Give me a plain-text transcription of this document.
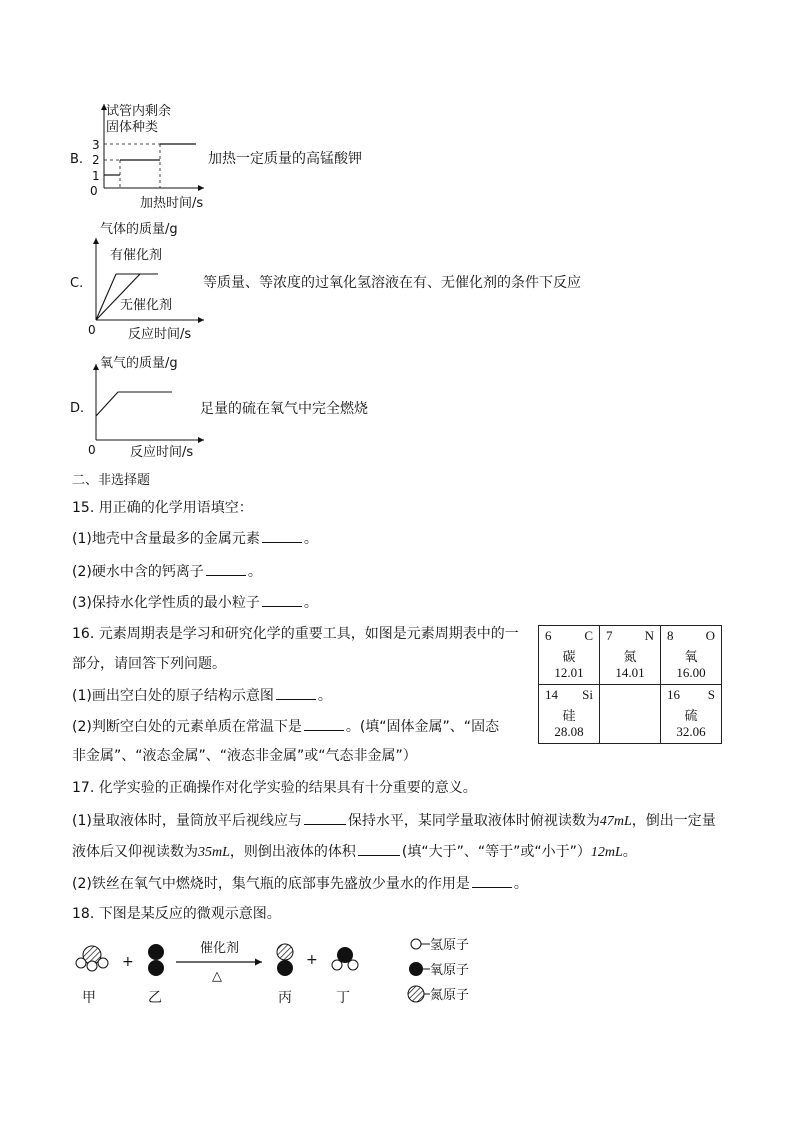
B.
3
2
1
0
试管内剩余
固体种类
加热时间/s
加热一定质量的高锰酸钾
气体的质量/g
C.
0
有催化剂
无催化剂
反应时间/s
等质量、等浓度的过氧化氢溶液在有、无催化剂的条件下反应
氧气的质量/g
D.
0	反应时间/s
足量的硫在氧气中完全燃烧
二、非选择题
15. 用正确的化学用语填空：
(1)地壳中含量最多的金属元素	。
(2)硬水中含的钙离子	。
(3)保持水化学性质的最小粒子	。
16. 元素周期表是学习和研究化学的重要工具，如图是元素周期表中的一
部分，请回答下列问题。
(1)画出空白处的原子结构示意图	。
(2)判断空白处的元素单质在常温下是	。(填“固体金属”、“固态
非金属”、“液态金属”、“液态非金属”或“气态非金属”）
6 C
碳
12.01	7 N
氮
14.01	8 O
氧
16.00

14 Si
硅
28.08		16 S
硫
32.06
17. 化学实验的正确操作对化学实验的结果具有十分重要的意义。
(1)量取液体时，量筒放平后视线应与	保持水平，某同学量取液体时俯视读数为47mL，倒出一定量
液体后又仰视读数为35mL，则倒出液体的体积	(填“大于”、“等于”或“小于”）12mL。
(2)铁丝在氧气中燃烧时，集气瓶的底部事先盛放少量水的作用是	。
18. 下图是某反应的微观示意图。
+
催化剂
△
+
甲	乙	丙	丁
氢原子
氧原子
氮原子
